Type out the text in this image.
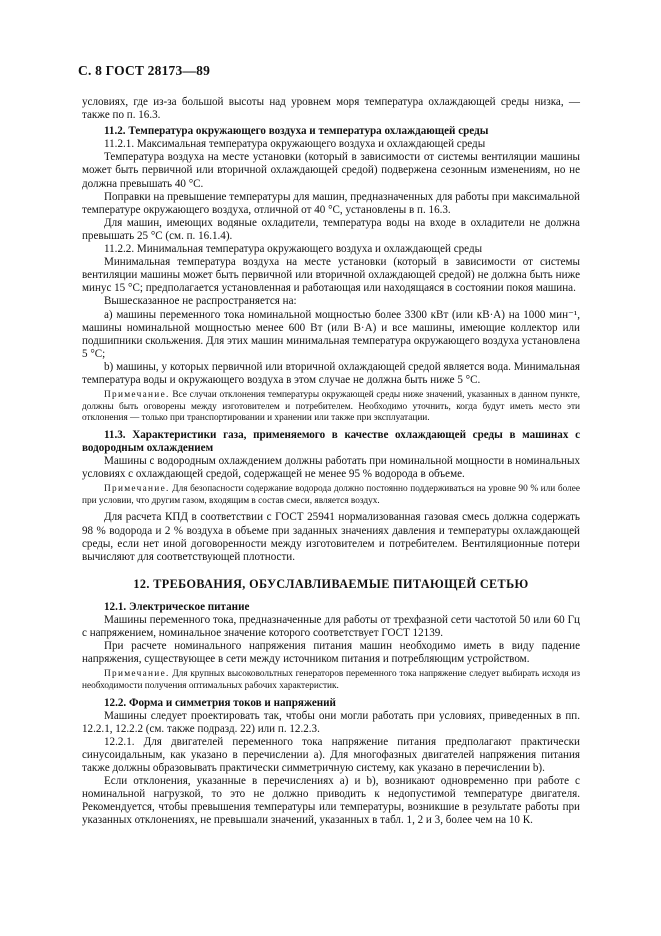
С. 8 ГОСТ 28173—89

условиях, где из-за большой высоты над уровнем моря температура охлаждающей среды низка, — также по п. 16.3.

11.2. Температура окружающего воздуха и температура охлаждающей среды

11.2.1. Максимальная температура окружающего воздуха и охлаждающей среды

Температура воздуха на месте установки (который в зависимости от системы вентиляции машины может быть первичной или вторичной охлаждающей средой) подвержена сезонным изменениям, но не должна превышать 40 °С.

Поправки на превышение температуры для машин, предназначенных для работы при максимальной температуре окружающего воздуха, отличной от 40 °С, установлены в п. 16.3.

Для машин, имеющих водяные охладители, температура воды на входе в охладители не должна превышать 25 °С (см. п. 16.1.4).

11.2.2. Минимальная температура окружающего воздуха и охлаждающей среды

Минимальная температура воздуха на месте установки (который в зависимости от системы вентиляции машины может быть первичной или вторичной охлаждающей средой) не должна быть ниже минус 15 °С; предполагается установленная и работающая или находящаяся в состоянии покоя машина.

Вышесказанное не распространяется на:

а) машины переменного тока номинальной мощностью более 3300 кВт (или кВ·А) на 1000 мин⁻¹, машины номинальной мощностью менее 600 Вт (или В·А) и все машины, имеющие коллектор или подшипники скольжения. Для этих машин минимальная температура окружающего воздуха установлена 5 °С;

b) машины, у которых первичной или вторичной охлаждающей средой является вода. Минимальная температура воды и окружающего воздуха в этом случае не должна быть ниже 5 °С.

Примечание. Все случаи отклонения температуры окружающей среды ниже значений, указанных в данном пункте, должны быть оговорены между изготовителем и потребителем. Необходимо уточнить, когда будут иметь место эти отклонения — только при транспортировании и хранении или также при эксплуатации.

11.3. Характеристики газа, применяемого в качестве охлаждающей среды в машинах с водородным охлаждением

Машины с водородным охлаждением должны работать при номинальной мощности в номинальных условиях с охлаждающей средой, содержащей не менее 95 % водорода в объеме.

Примечание. Для безопасности содержание водорода должно постоянно поддерживаться на уровне 90 % или более при условии, что другим газом, входящим в состав смеси, является воздух.

Для расчета КПД в соответствии с ГОСТ 25941 нормализованная газовая смесь должна содержать 98 % водорода и 2 % воздуха в объеме при заданных значениях давления и температуры охлаждающей среды, если нет иной договоренности между изготовителем и потребителем. Вентиляционные потери вычисляют для соответствующей плотности.

12. ТРЕБОВАНИЯ, ОБУСЛАВЛИВАЕМЫЕ ПИТАЮЩЕЙ СЕТЬЮ

12.1. Электрическое питание

Машины переменного тока, предназначенные для работы от трехфазной сети частотой 50 или 60 Гц с напряжением, номинальное значение которого соответствует ГОСТ 12139.

При расчете номинального напряжения питания машин необходимо иметь в виду падение напряжения, существующее в сети между источником питания и потребляющим устройством.

Примечание. Для крупных высоковольтных генераторов переменного тока напряжение следует выбирать исходя из необходимости получения оптимальных рабочих характеристик.

12.2. Форма и симметрия токов и напряжений

Машины следует проектировать так, чтобы они могли работать при условиях, приведенных в пп. 12.2.1, 12.2.2 (см. также подразд. 22) или п. 12.2.3.

12.2.1. Для двигателей переменного тока напряжение питания предполагают практически синусоидальным, как указано в перечислении а). Для многофазных двигателей напряжения питания также должны образовывать практически симметричную систему, как указано в перечислении b).

Если отклонения, указанные в перечислениях а) и b), возникают одновременно при работе с номинальной нагрузкой, то это не должно приводить к недопустимой температуре двигателя. Рекомендуется, чтобы превышения температуры или температуры, возникшие в результате работы при указанных отклонениях, не превышали значений, указанных в табл. 1, 2 и 3, более чем на 10 К.
